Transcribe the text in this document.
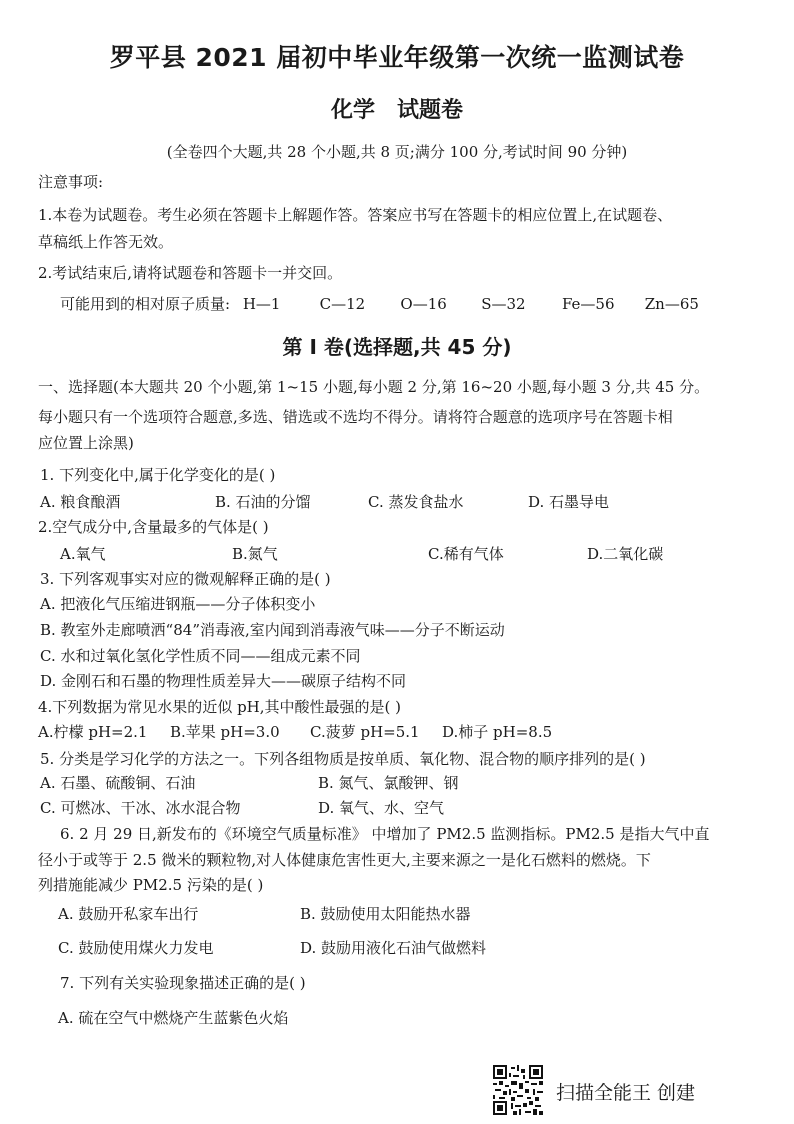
罗平县 2021 届初中毕业年级第一次统一监测试卷
化学 试题卷
(全卷四个大题,共 28 个小题,共 8 页;满分 100 分,考试时间 90 分钟)
注意事项:
1.本卷为试题卷。考生必须在答题卡上解题作答。答案应书写在答题卡的相应位置上,在试题卷、
草稿纸上作答无效。
2.考试结束后,请将试题卷和答题卡一并交回。
可能用到的相对原子质量: H—1	C—12 O—16 S—32 Fe—56 Zn—65
第 I 卷(选择题,共 45 分)
一、选择题(本大题共 20 个小题,第 1~15 小题,每小题 2 分,第 16~20 小题,每小题 3 分,共 45 分。
每小题只有一个选项符合题意,多选、错选或不选均不得分。请将符合题意的选项序号在答题卡相
应位置上涂黑)
1. 下列变化中,属于化学变化的是( )
A. 粮食酿酒	B. 石油的分馏	C. 蒸发食盐水	D. 石墨导电
2.空气成分中,含量最多的气体是( )
A.氧气	B.氮气	C.稀有气体	D.二氧化碳
3. 下列客观事实对应的微观解释正确的是( )
A. 把液化气压缩进钢瓶——分子体积变小
B. 教室外走廊喷洒“84”消毒液,室内闻到消毒液气味——分子不断运动
C. 水和过氧化氢化学性质不同——组成元素不同
D. 金刚石和石墨的物理性质差异大——碳原子结构不同
4.下列数据为常见水果的近似 pH,其中酸性最强的是( )
A.柠檬 pH=2.1 B.苹果 pH=3.0 C.菠萝 pH=5.1 D.柿子 pH=8.5
5. 分类是学习化学的方法之一。下列各组物质是按单质、氧化物、混合物的顺序排列的是( )
A. 石墨、硫酸铜、石油	B. 氮气、氯酸钾、钢
C. 可燃冰、干冰、冰水混合物	D. 氧气、水、空气
6. 2 月 29 日,新发布的《环境空气质量标准》 中增加了 PM2.5 监测指标。PM2.5 是指大气中直
径小于或等于 2.5 微米的颗粒物,对人体健康危害性更大,主要来源之一是化石燃料的燃烧。下
列措施能减少 PM2.5 污染的是( )
A. 鼓励开私家车出行	B. 鼓励使用太阳能热水器
C. 鼓励使用煤火力发电	D. 鼓励用液化石油气做燃料
7. 下列有关实验现象描述正确的是( )
A. 硫在空气中燃烧产生蓝紫色火焰
扫描全能王 创建
